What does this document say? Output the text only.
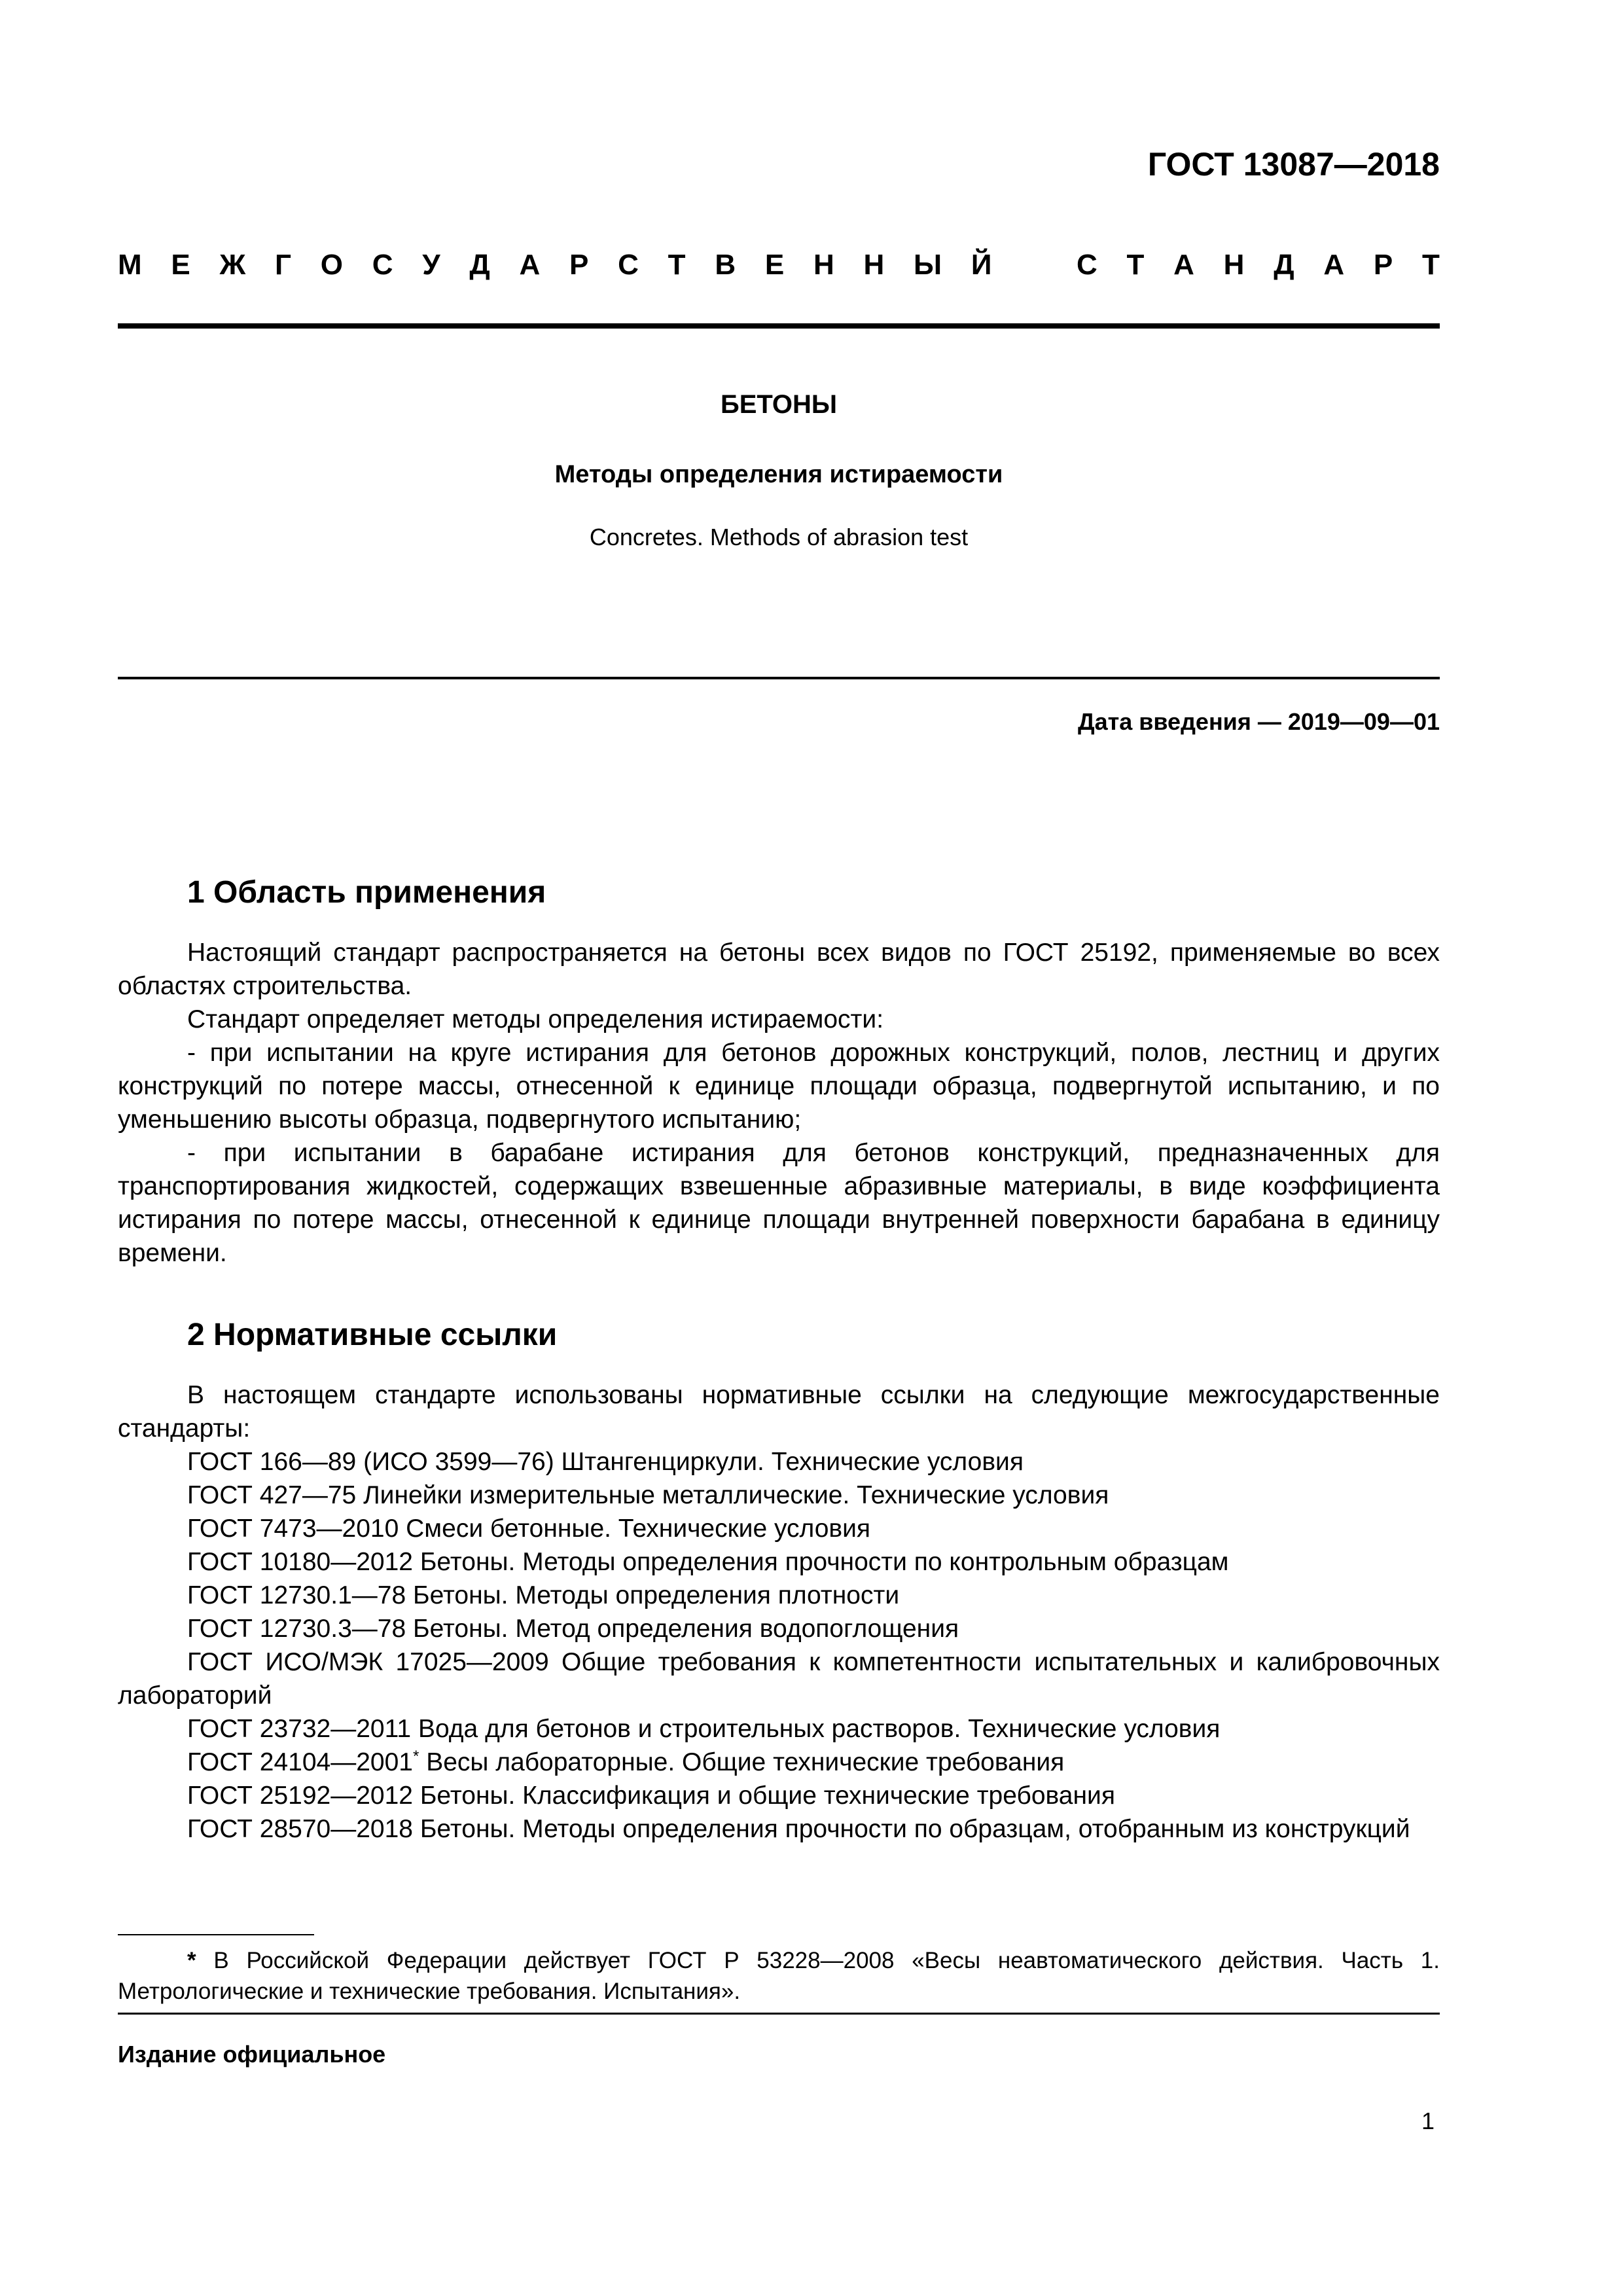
ГОСТ 13087—2018
М Е Ж Г О С У Д А Р С Т В Е Н Н Ы Й	С Т А Н Д А Р Т
БЕТОНЫ
Методы определения истираемости
Concretes. Methods of abrasion test
Дата введения — 2019—09—01
1 Область применения

Настоящий стандарт распространяется на бетоны всех видов по ГОСТ 25192, применяемые во всех областях строительства.

Стандарт определяет методы определения истираемости:

- при испытании на круге истирания для бетонов дорожных конструкций, полов, лестниц и других конструкций по потере массы, отнесенной к единице площади образца, подвергнутой испытанию, и по уменьшению высоты образца, подвергнутого испытанию;

- при испытании в барабане истирания для бетонов конструкций, предназначенных для транспортирования жидкостей, содержащих взвешенные абразивные материалы, в виде коэффициента истирания по потере массы, отнесенной к единице площади внутренней поверхности барабана в единицу времени.

2 Нормативные ссылки

В настоящем стандарте использованы нормативные ссылки на следующие межгосударственные стандарты:

ГОСТ 166—89 (ИСО 3599—76) Штангенциркули. Технические условия

ГОСТ 427—75 Линейки измерительные металлические. Технические условия

ГОСТ 7473—2010 Смеси бетонные. Технические условия

ГОСТ 10180—2012 Бетоны. Методы определения прочности по контрольным образцам

ГОСТ 12730.1—78 Бетоны. Методы определения плотности

ГОСТ 12730.3—78 Бетоны. Метод определения водопоглощения

ГОСТ ИСО/МЭК 17025—2009 Общие требования к компетентности испытательных и калибровочных лабораторий

ГОСТ 23732—2011 Вода для бетонов и строительных растворов. Технические условия

ГОСТ 24104—2001* Весы лабораторные. Общие технические требования

ГОСТ 25192—2012 Бетоны. Классификация и общие технические требования

ГОСТ 28570—2018 Бетоны. Методы определения прочности по образцам, отобранным из конструкций

* В Российской Федерации действует ГОСТ Р 53228—2008 «Весы неавтоматического действия. Часть 1. Метрологические и технические требования. Испытания».

Издание официальное
1
